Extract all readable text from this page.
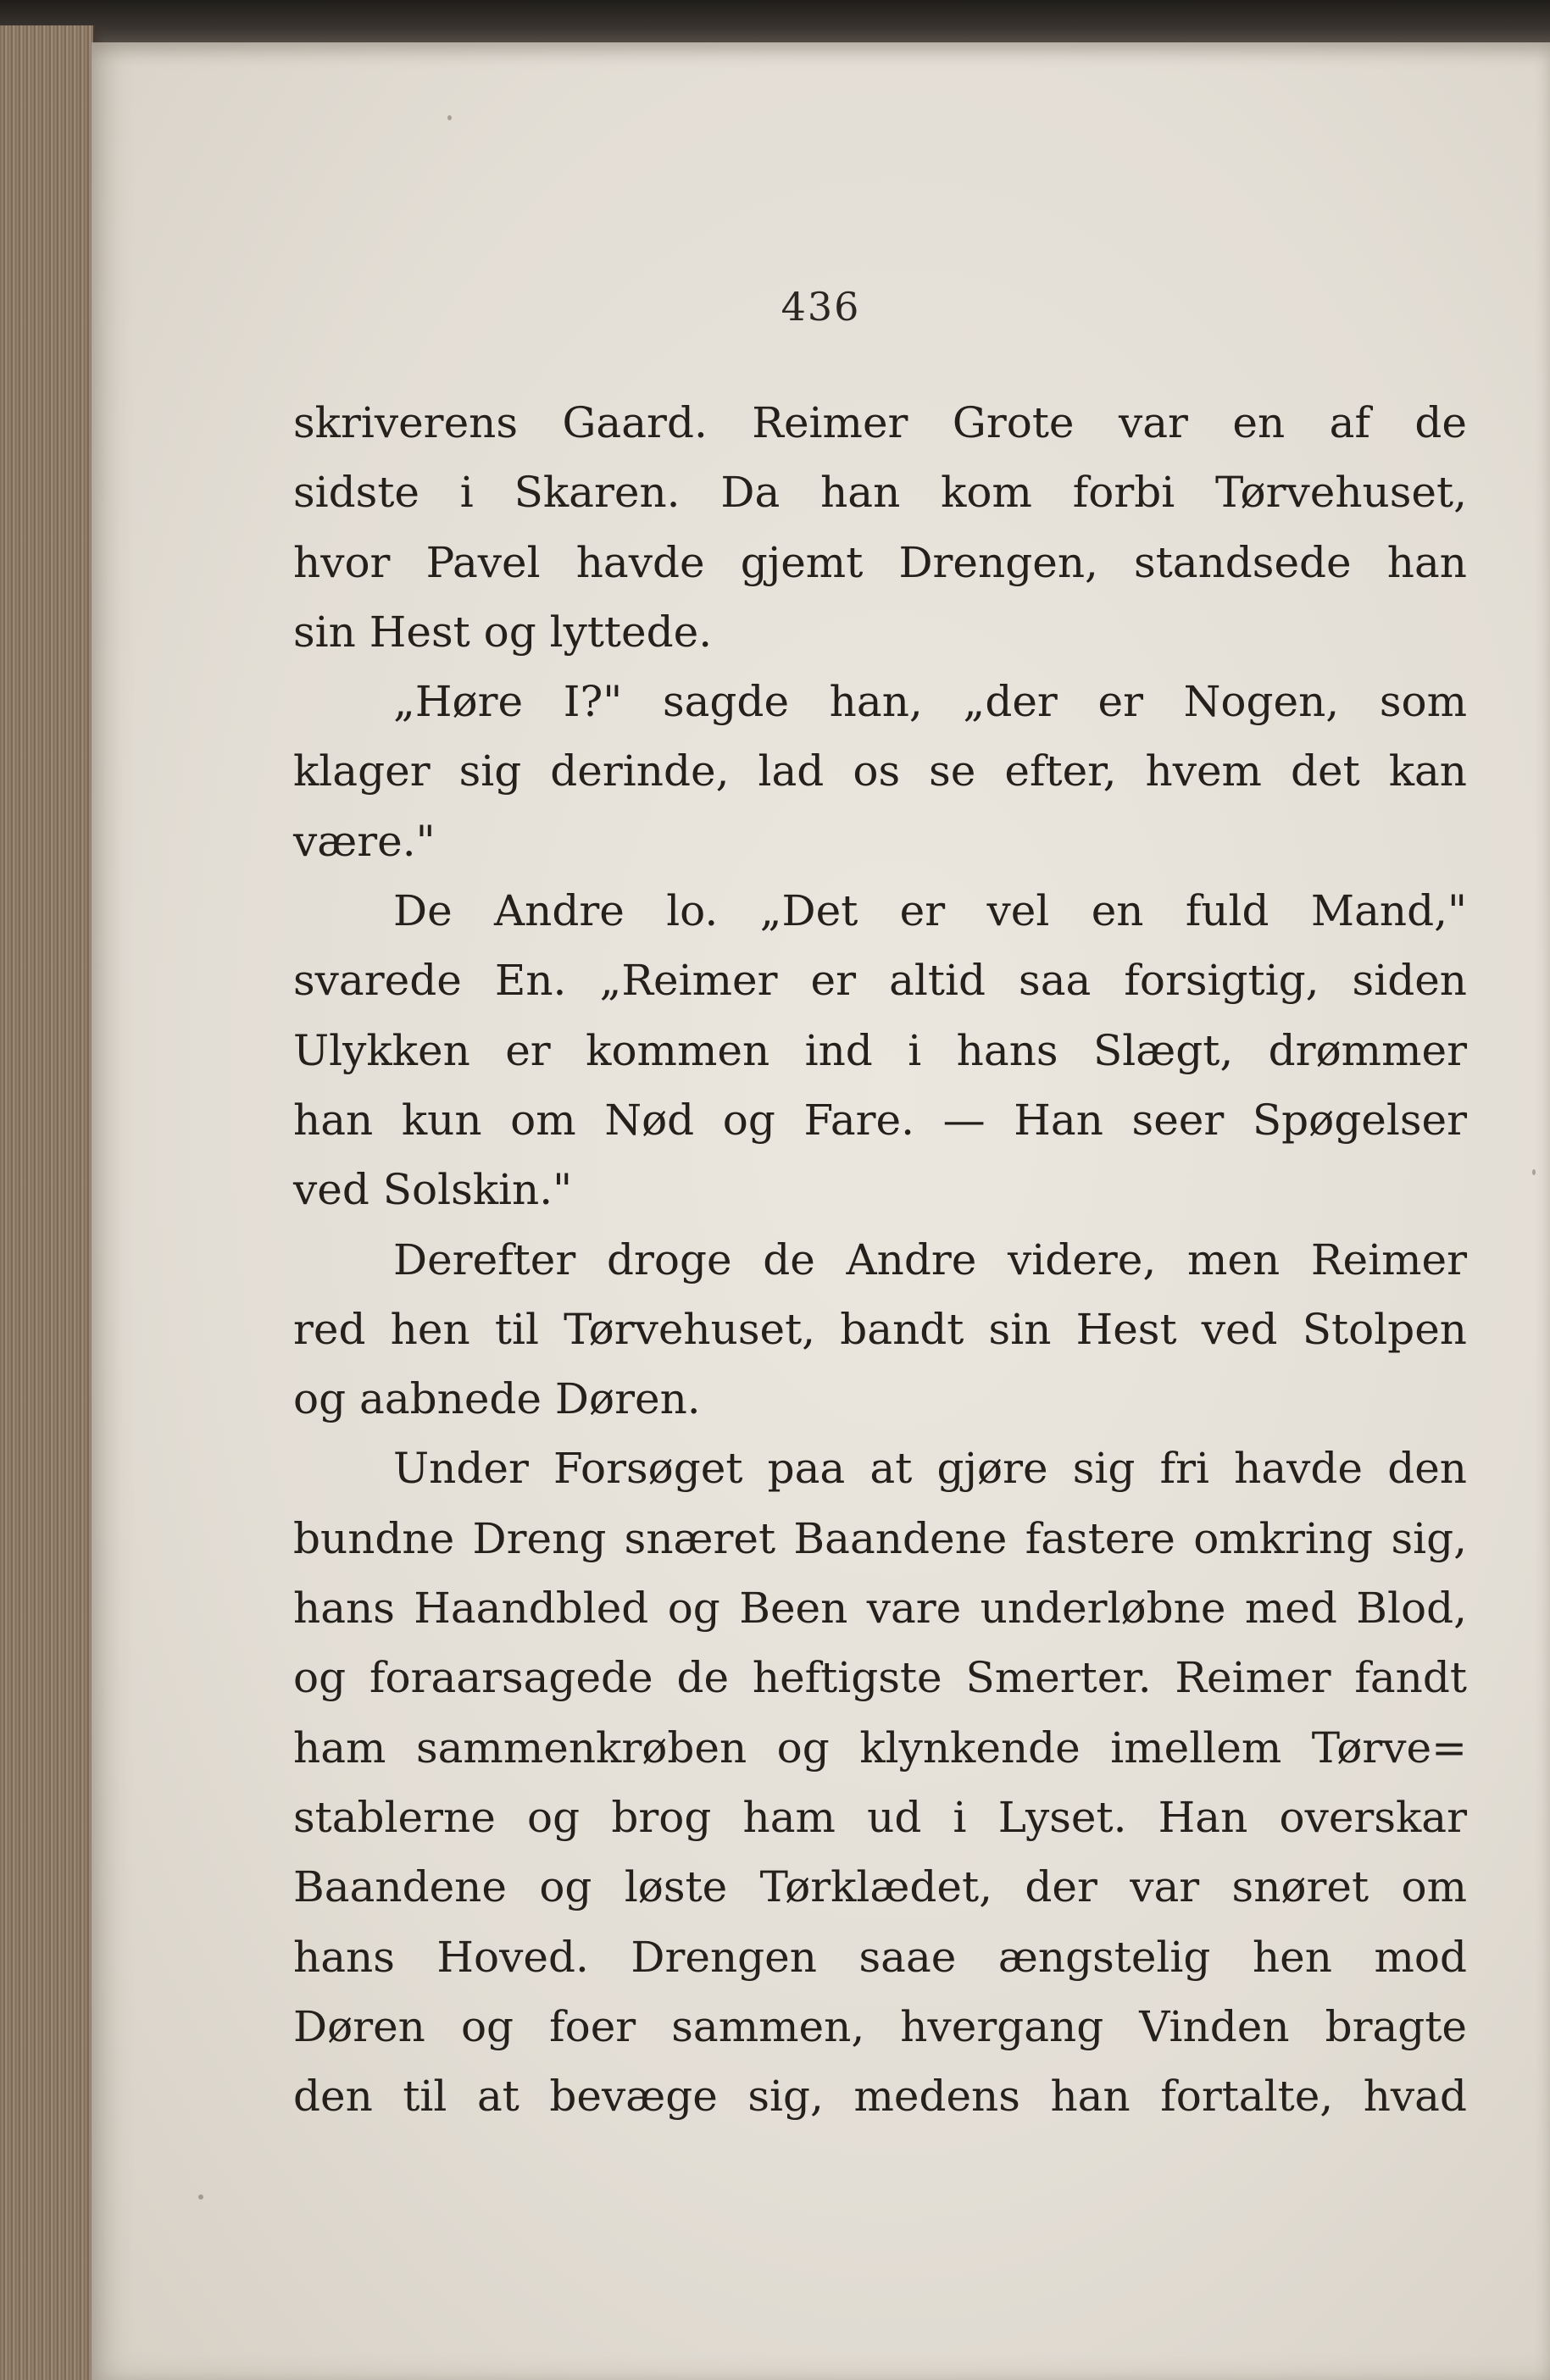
436
skriverens Gaard. Reimer Grote var en af de
sidste i Skaren. Da han kom forbi Tørvehuset,
hvor Pavel havde gjemt Drengen, standsede han
sin Hest og lyttede.
„Høre I?" sagde han, „der er Nogen, som
klager sig derinde, lad os se efter, hvem det kan
være."
De Andre lo. „Det er vel en fuld Mand,"
svarede En. „Reimer er altid saa forsigtig, siden
Ulykken er kommen ind i hans Slægt, drømmer
han kun om Nød og Fare. — Han seer Spøgelser
ved Solskin."
Derefter droge de Andre videre, men Reimer
red hen til Tørvehuset, bandt sin Hest ved Stolpen
og aabnede Døren.
Under Forsøget paa at gjøre sig fri havde den
bundne Dreng snæret Baandene fastere omkring sig,
hans Haandbled og Been vare underløbne med Blod,
og foraarsagede de heftigste Smerter. Reimer fandt
ham sammenkrøben og klynkende imellem Tørve=
stablerne og brog ham ud i Lyset. Han overskar
Baandene og løste Tørklædet, der var snøret om
hans Hoved. Drengen saae ængstelig hen mod
Døren og foer sammen, hvergang Vinden bragte
den til at bevæge sig, medens han fortalte, hvad
